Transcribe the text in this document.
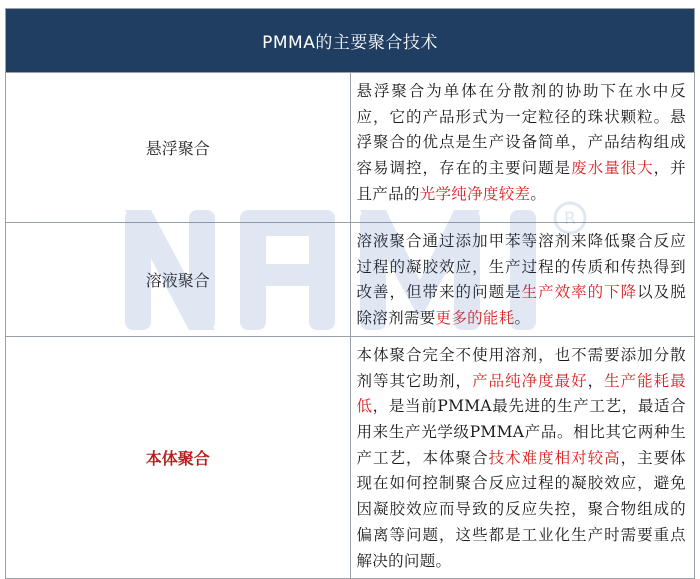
PMMA的主要聚合技术	
悬浮聚合	悬浮聚合为单体在分散剂的协助下在水中反应，它的产品形式为一定粒径的珠状颗粒。悬浮聚合的优点是生产设备简单，产品结构组成容易调控，存在的主要问题是废水量很大，并且产品的光学纯净度较差。
溶液聚合	溶液聚合通过添加甲苯等溶剂来降低聚合反应过程的凝胶效应，生产过程的传质和传热得到改善，但带来的问题是生产效率的下降以及脱除溶剂需要更多的能耗。
本体聚合	本体聚合完全不使用溶剂，也不需要添加分散剂等其它助剂，产品纯净度最好，生产能耗最低，是当前PMMA最先进的生产工艺，最适合用来生产光学级PMMA产品。相比其它两种生产工艺，本体聚合技术难度相对较高，主要体现在如何控制聚合反应过程的凝胶效应，避免因凝胶效应而导致的反应失控，聚合物组成的偏离等问题，这些都是工业化生产时需要重点解决的问题。
R
